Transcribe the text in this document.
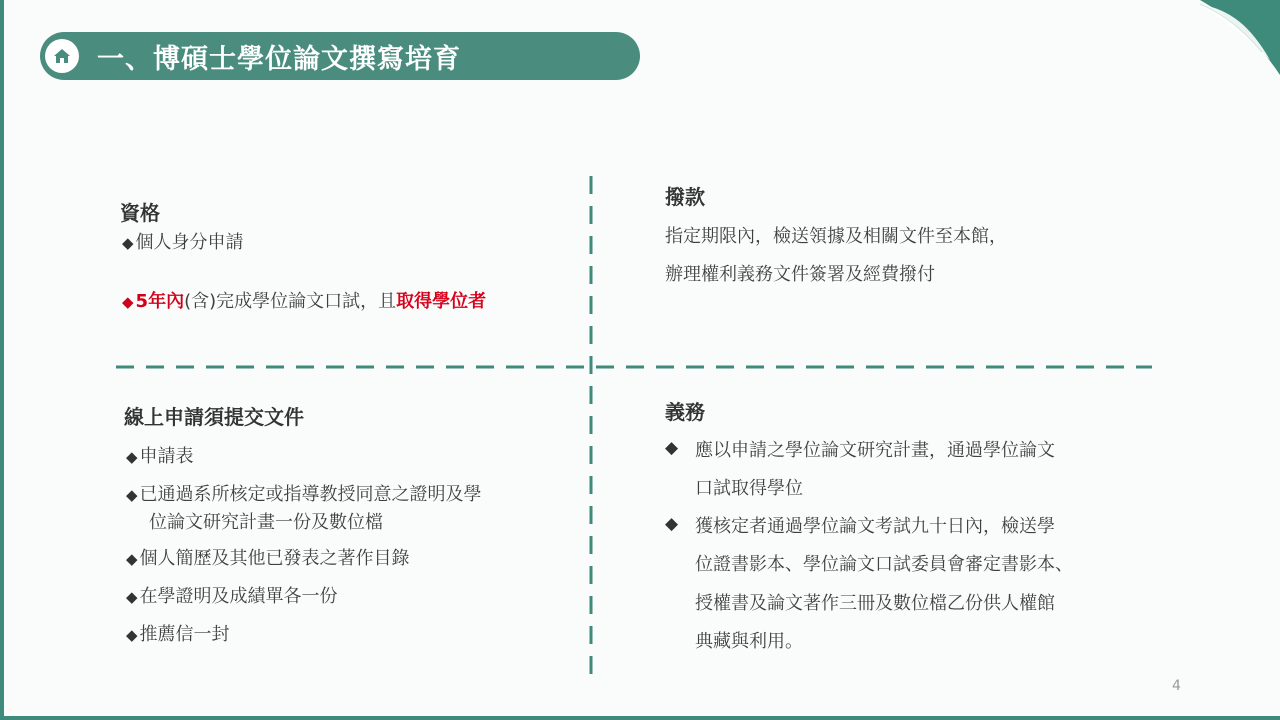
一、博碩士學位論文撰寫培育
資格
◆ 個人身分申請
◆ 5年內(含)完成學位論文口試，且取得學位者
線上申請須提交文件
◆ 申請表
◆ 已通過系所核定或指導教授同意之證明及學
位論文研究計畫一份及數位檔
◆ 個人簡歷及其他已發表之著作目錄
◆ 在學證明及成績單各一份
◆ 推薦信一封
撥款
指定期限內，檢送領據及相關文件至本館，
辦理權利義務文件簽署及經費撥付
義務
◆ 應以申請之學位論文研究計畫，通過學位論文
口試取得學位
◆ 獲核定者通過學位論文考試九十日內，檢送學
位證書影本、學位論文口試委員會審定書影本、
授權書及論文著作三冊及數位檔乙份供人權館
典藏與利用。
4
